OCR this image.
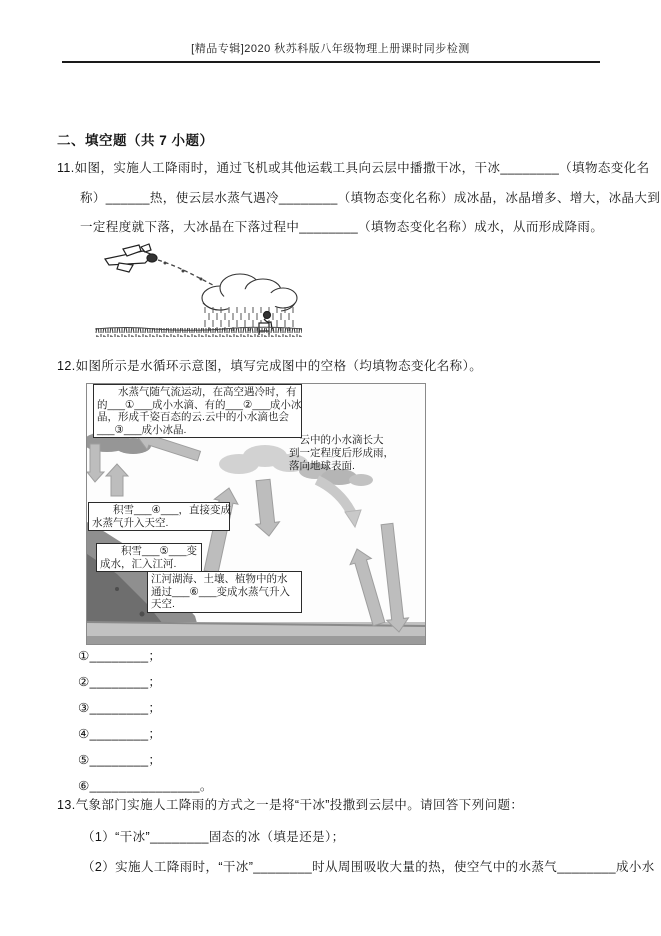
[精品专辑]2020 秋苏科版八年级物理上册课时同步检测
二、填空题（共 7 小题）
11.如图，实施人工降雨时，通过飞机或其他运载工具向云层中播撒干冰，干冰________（填物态变化名
称）______热，使云层水蒸气遇冷________（填物态变化名称）成冰晶，冰晶增多、增大，冰晶大到
一定程度就下落，大冰晶在下落过程中________（填物态变化名称）成水，从而形成降雨。
12.如图所示是水循环示意图，填写完成图中的空格（均填物态变化名称）。
　　水蒸气随气流运动，在高空遇冷时，有
的___①___成小水滴、有的___②___成小冰
晶，形成千姿百态的云.云中的小水滴也会
___③___成小冰晶.
　云中的小水滴长大
到一定程度后形成雨，
落向地球表面.
　　积雪___④___，直接变成
水蒸气升入天空.
　　积雪___⑤___变
成水，汇入江河.
江河湖海、土壤、植物中的水
通过___⑥___变成水蒸气升入
天空.
①________；
②________；
③________；
④________；
⑤________；
⑥_______________。
13.气象部门实施人工降雨的方式之一是将“干冰”投撒到云层中。请回答下列问题：
（1）“干冰”________固态的冰（填是还是）；
（2）实施人工降雨时，“干冰”________时从周围吸收大量的热，使空气中的水蒸气________成小水
